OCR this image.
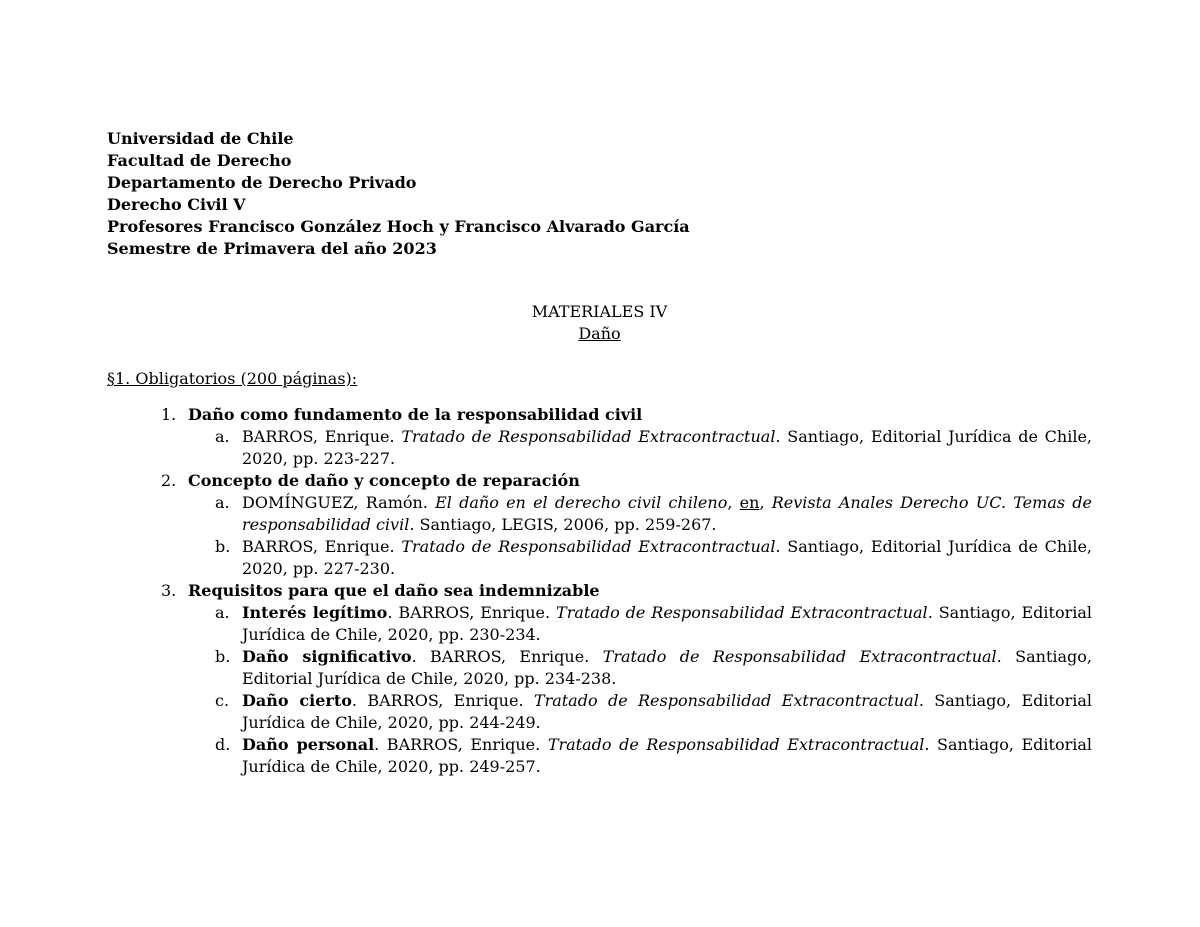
Universidad de Chile
Facultad de Derecho
Departamento de Derecho Privado
Derecho Civil V
Profesores Francisco González Hoch y Francisco Alvarado García
Semestre de Primavera del año 2023
MATERIALES IV
Daño
§1. Obligatorios (200 páginas):
1. Daño como fundamento de la responsabilidad civil
a. BARROS, Enrique. Tratado de Responsabilidad Extracontractual. Santiago, Editorial Jurídica de Chile, 2020, pp. 223-227.
2. Concepto de daño y concepto de reparación
a. DOMÍNGUEZ, Ramón. El daño en el derecho civil chileno, en, Revista Anales Derecho UC. Temas de responsabilidad civil. Santiago, LEGIS, 2006, pp. 259-267.
b. BARROS, Enrique. Tratado de Responsabilidad Extracontractual. Santiago, Editorial Jurídica de Chile, 2020, pp. 227-230.
3. Requisitos para que el daño sea indemnizable
a. Interés legítimo. BARROS, Enrique. Tratado de Responsabilidad Extracontractual. Santiago, Editorial Jurídica de Chile, 2020, pp. 230-234.
b. Daño significativo. BARROS, Enrique. Tratado de Responsabilidad Extracontractual. Santiago, Editorial Jurídica de Chile, 2020, pp. 234-238.
c. Daño cierto. BARROS, Enrique. Tratado de Responsabilidad Extracontractual. Santiago, Editorial Jurídica de Chile, 2020, pp. 244-249.
d. Daño personal. BARROS, Enrique. Tratado de Responsabilidad Extracontractual. Santiago, Editorial Jurídica de Chile, 2020, pp. 249-257.
